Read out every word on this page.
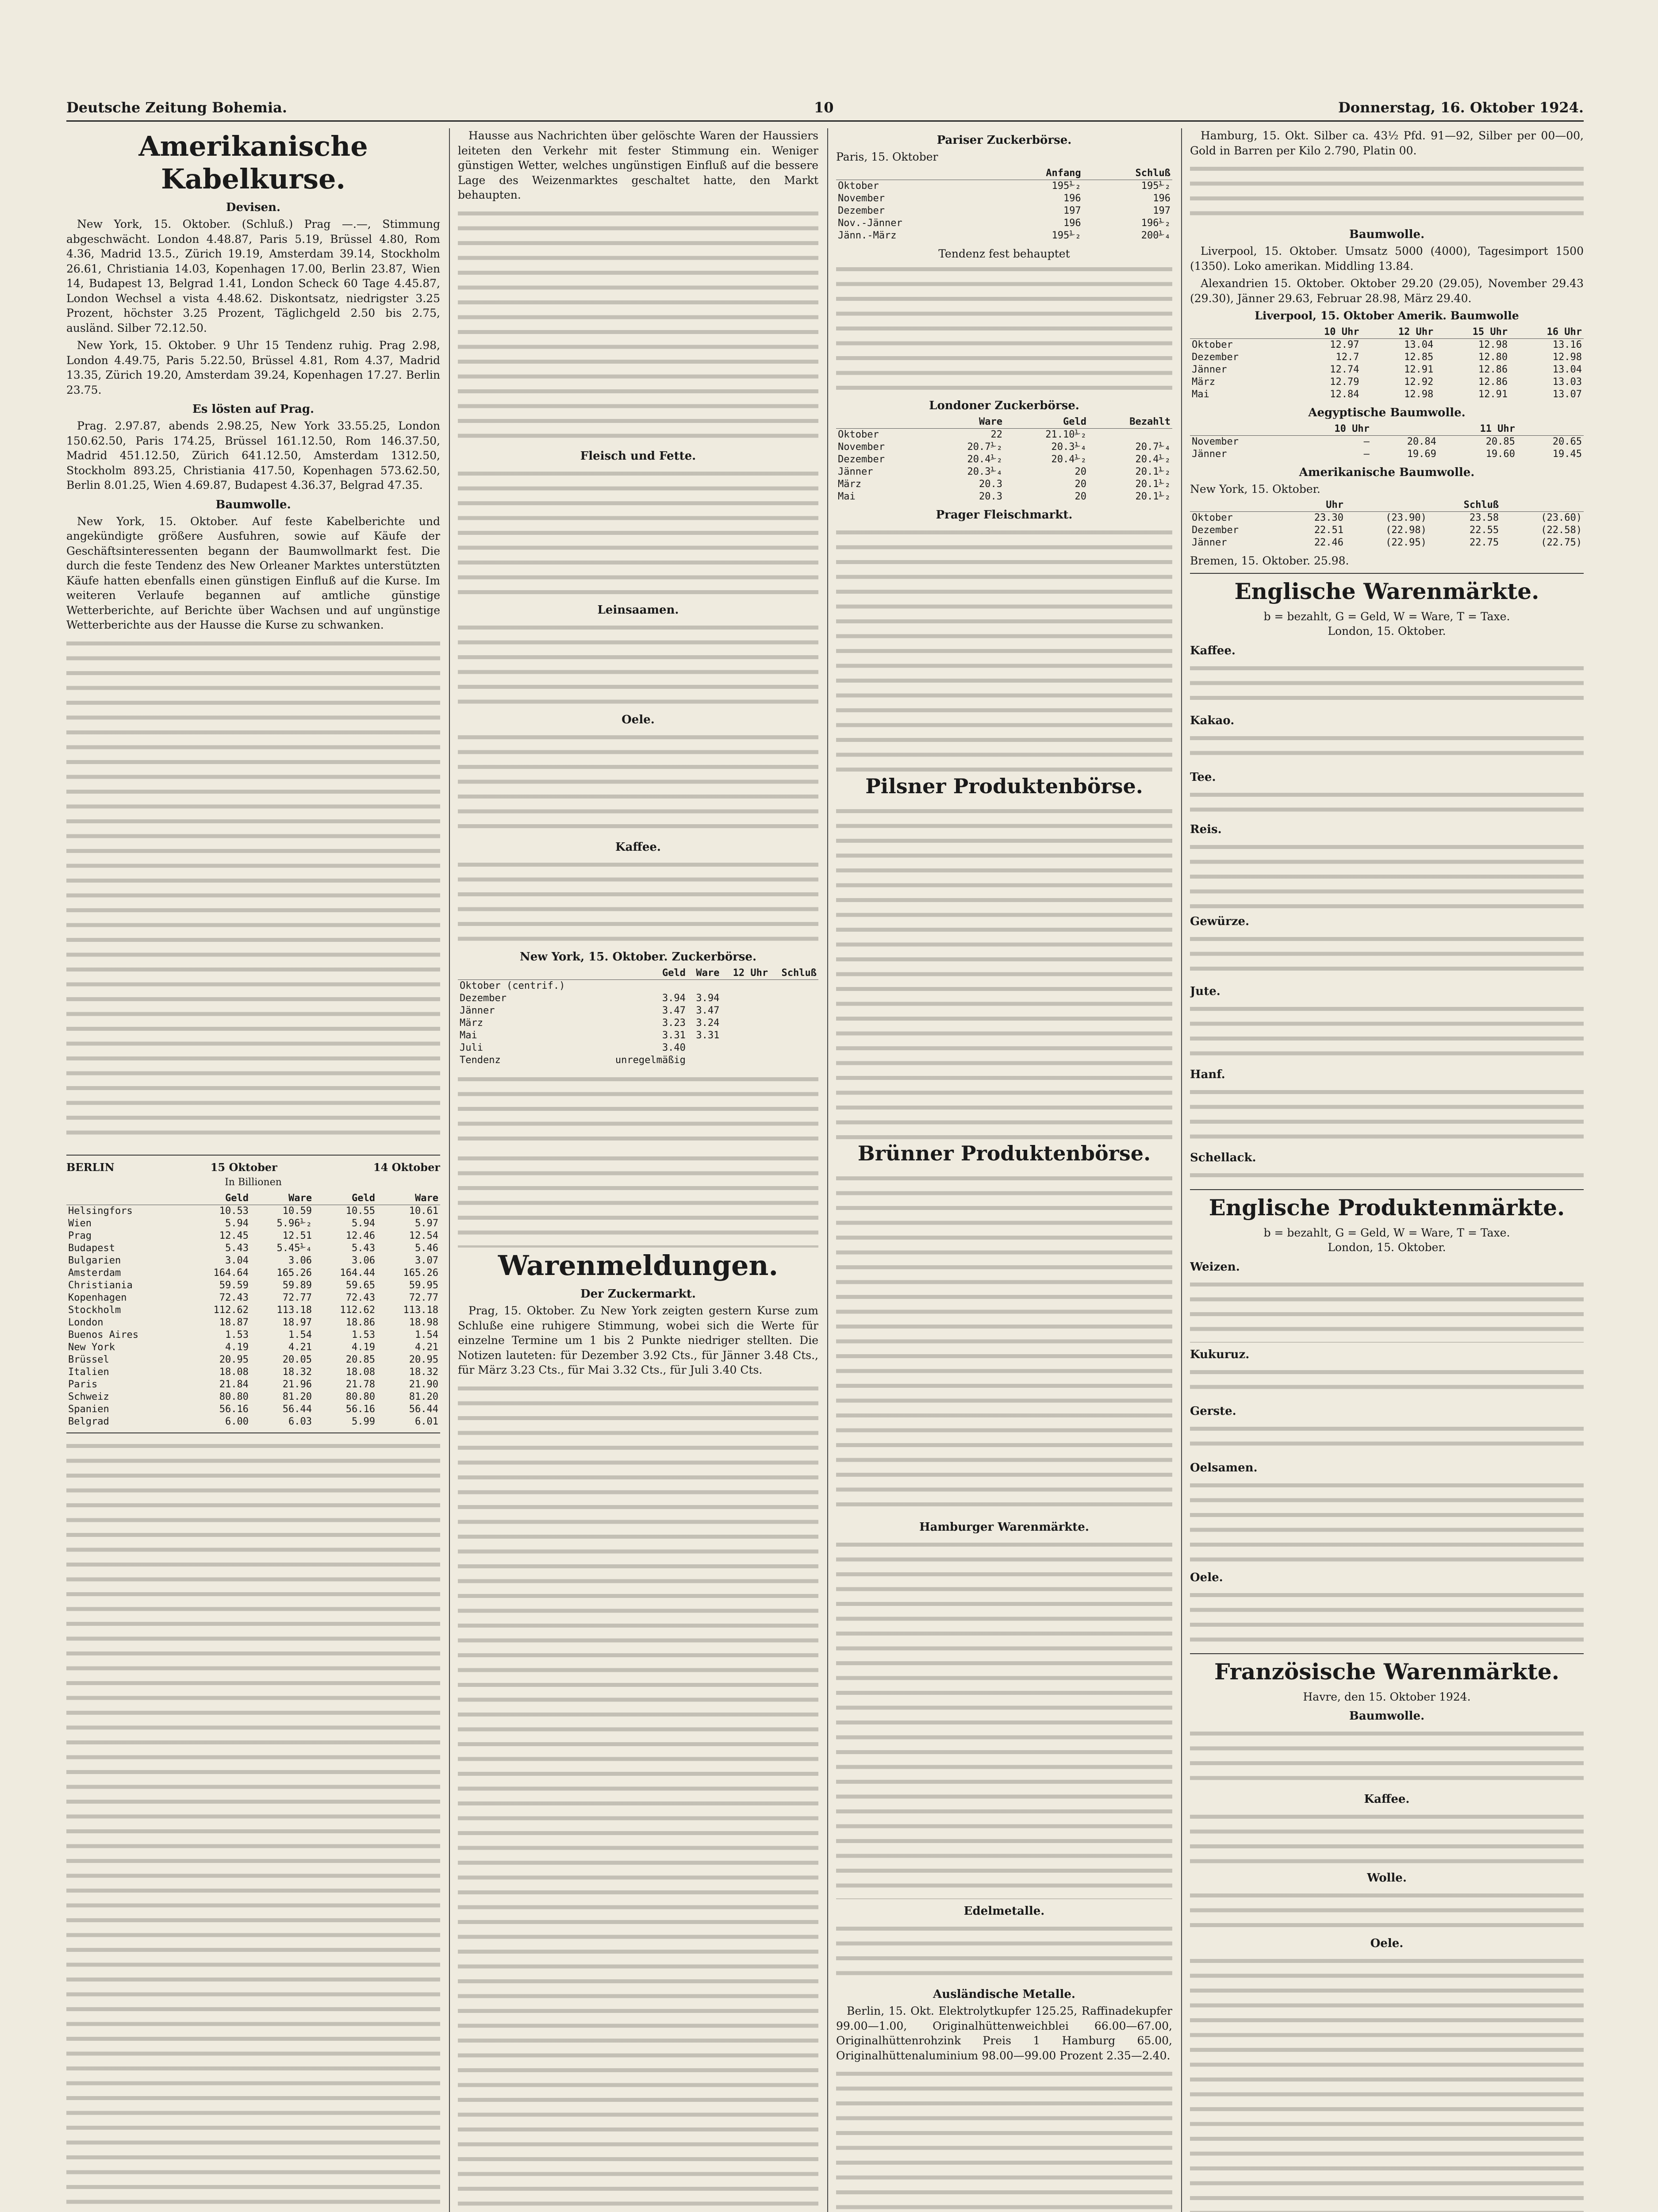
Deutsche Zeitung Bohemia.	10	Donnerstag, 16. Oktober 1924.
Amerikanische Kabelkurse.
Devisen.

New York, 15. Oktober. (Schluß.) Prag —.—, Stimmung abgeschwächt. London 4.48.87, Paris 5.19, Brüssel 4.80, Rom 4.36, Madrid 13.5., Zürich 19.19, Amsterdam 39.14, Stockholm 26.61, Christiania 14.03, Kopenhagen 17.00, Berlin 23.87, Wien 14, Budapest 13, Belgrad 1.41, London Scheck 60 Tage 4.45.87, London Wechsel a vista 4.48.62. Diskontsatz, niedrigster 3.25 Prozent, höchster 3.25 Prozent, Täglichgeld 2.50 bis 2.75, ausländ. Silber 72.12.50.

New York, 15. Oktober. 9 Uhr 15 Tendenz ruhig. Prag 2.98, London 4.49.75, Paris 5.22.50, Brüssel 4.81, Rom 4.37, Madrid 13.35, Zürich 19.20, Amsterdam 39.24, Kopenhagen 17.27. Berlin 23.75.

Es lösten auf Prag.

Prag. 2.97.87, abends 2.98.25, New York 33.55.25, London 150.62.50, Paris 174.25, Brüssel 161.12.50, Rom 146.37.50, Madrid 451.12.50, Zürich 641.12.50, Amsterdam 1312.50, Stockholm 893.25, Christiania 417.50, Kopenhagen 573.62.50, Berlin 8.01.25, Wien 4.69.87, Budapest 4.36.37, Belgrad 47.35.

Baumwolle.

New York, 15. Oktober. Auf feste Kabelberichte und angekündigte größere Ausfuhren, sowie auf Käufe der Geschäftsinteressenten begann der Baumwollmarkt fest. Die durch die feste Tendenz des New Orleaner Marktes unterstützten Käufe hatten ebenfalls einen günstigen Einfluß auf die Kurse. Im weiteren Verlaufe begannen auf amtliche günstige Wetterberichte, auf Berichte über Wachsen und auf ungünstige Wetterberichte aus der Hausse die Kurse zu schwanken.

Hausse aus Nachrichten über gelöschte Waren der Haussiers leiteten den Verkehr mit fester Stimmung ein. Weniger günstigen Wetter, welches ungünstigen Einfluß auf die bessere Lage des Weizenmarktes geschaltet hatte, den Markt behaupten.

Fleisch und Fette.
Leinsaamen.
Oele.
Kaffee.
New York, 15. Oktober. Zuckerbörse.
	Geld	Ware	12 Uhr	Schluß
Oktober (centrif.)				
Dezember	3.94	3.94		
Jänner	3.47	3.47		
März	3.23	3.24		
Mai	3.31	3.31		
Juli	3.40			
Tendenz	unregelmäßig			
BERLIN	15 Oktober	14 Oktober
In Billionen
	Geld	Ware	Geld	Ware
Helsingfors	10.53	10.59	10.55	10.61
Wien	5.94	5.96⅟₂	5.94	5.97
Prag	12.45	12.51	12.46	12.54
Budapest	5.43	5.45⅟₄	5.43	5.46
Bulgarien	3.04	3.06	3.06	3.07
Amsterdam	164.64	165.26	164.44	165.26
Christiania	59.59	59.89	59.65	59.95
Kopenhagen	72.43	72.77	72.43	72.77
Stockholm	112.62	113.18	112.62	113.18
London	18.87	18.97	18.86	18.98
Buenos Aires	1.53	1.54	1.53	1.54
New York	4.19	4.21	4.19	4.21
Brüssel	20.95	20.05	20.85	20.95
Italien	18.08	18.32	18.08	18.32
Paris	21.84	21.96	21.78	21.90
Schweiz	80.80	81.20	80.80	81.20
Spanien	56.16	56.44	56.16	56.44
Belgrad	6.00	6.03	5.99	6.01
Warenmeldungen.
Der Zuckermarkt.

Prag, 15. Oktober. Zu New York zeigten gestern Kurse zum Schluße eine ruhigere Stimmung, wobei sich die Werte für einzelne Termine um 1 bis 2 Punkte niedriger stellten. Die Notizen lauteten: für Dezember 3.92 Cts., für Jänner 3.48 Cts., für März 3.23 Cts., für Mai 3.32 Cts., für Juli 3.40 Cts.

Pariser Zuckerbörse.
Paris, 15. Oktober
	Anfang	Schluß
Oktober	195⅟₂	195⅟₂
November	196	196
Dezember	197	197
Nov.-Jänner	196	196⅟₂
Jänn.-März	195⅟₂	200⅟₄
Tendenz fest behauptet
Londoner Zuckerbörse.
	Ware	Geld	Bezahlt
Oktober	22	21.10⅟₂	
November	20.7⅟₂	20.3⅟₄	20.7⅟₄
Dezember	20.4⅟₂	20.4⅟₂	20.4⅟₂
Jänner	20.3⅟₄	20	20.1⅟₂
März	20.3	20	20.1⅟₂
Mai	20.3	20	20.1⅟₂
Prager Fleischmarkt.
Pilsner Produktenbörse.
Brünner Produktenbörse.
Hamburger Warenmärkte.
Edelmetalle.
Ausländische Metalle.

Berlin, 15. Okt. Elektrolytkupfer 125.25, Raffinadekupfer 99.00—1.00, Originalhüttenweichblei 66.00—67.00, Originalhüttenrohzink Preis 1 Hamburg 65.00, Originalhüttenaluminium 98.00—99.00 Prozent 2.35—2.40.

Hamburg, 15. Okt. Silber ca. 43½ Pfd. 91—92, Silber per 00—00, Gold in Barren per Kilo 2.790, Platin 00.

Baumwolle.

Liverpool, 15. Oktober. Umsatz 5000 (4000), Tagesimport 1500 (1350). Loko amerikan. Middling 13.84.

Alexandrien 15. Oktober. Oktober 29.20 (29.05), November 29.43 (29.30), Jänner 29.63, Februar 28.98, März 29.40.

Liverpool, 15. Oktober Amerik. Baumwolle
	10 Uhr	12 Uhr	15 Uhr	16 Uhr
Oktober	12.97	13.04	12.98	13.16
Dezember	12.7	12.85	12.80	12.98
Jänner	12.74	12.91	12.86	13.04
März	12.79	12.92	12.86	13.03
Mai	12.84	12.98	12.91	13.07
Aegyptische Baumwolle.
	10 Uhr		11 Uhr	
November	—	20.84	20.85	20.65
Jänner	—	19.69	19.60	19.45
Amerikanische Baumwolle.
New York, 15. Oktober.
	Uhr		Schluß	
Oktober	23.30	(23.90)	23.58	(23.60)
Dezember	22.51	(22.98)	22.55	(22.58)
Jänner	22.46	(22.95)	22.75	(22.75)
Bremen, 15. Oktober. 25.98.
Englische Warenmärkte.
b = bezahlt, G = Geld, W = Ware, T = Taxe.
London, 15. Oktober.
Kaffee.
Kakao.
Tee.
Reis.
Gewürze.
Jute.
Hanf.
Schellack.
Englische Produktenmärkte.
b = bezahlt, G = Geld, W = Ware, T = Taxe.
London, 15. Oktober.
Weizen.
Kukuruz.
Gerste.
Oelsamen.
Oele.
Französische Warenmärkte.
Havre, den 15. Oktober 1924.
Baumwolle.
Kaffee.
Wolle.
Oele.
